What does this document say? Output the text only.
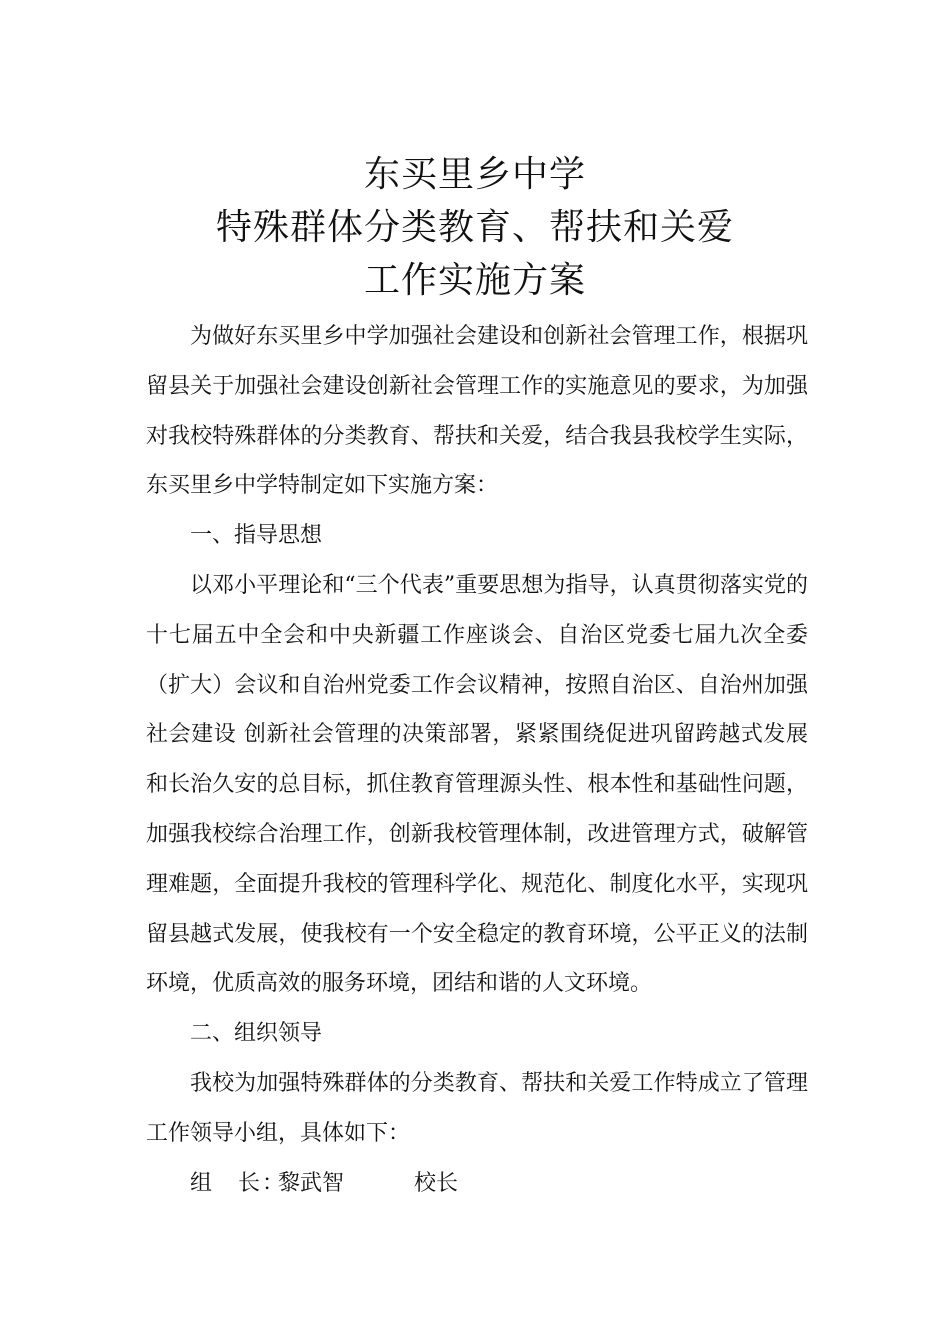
东买里乡中学
特殊群体分类教育、帮扶和关爱
工作实施方案

为做好东买里乡中学加强社会建设和创新社会管理工作，根据巩留县关于加强社会建设创新社会管理工作的实施意见的要求，为加强对我校特殊群体的分类教育、帮扶和关爱，结合我县我校学生实际，东买里乡中学特制定如下实施方案：

一、指导思想

以邓小平理论和“三个代表”重要思想为指导，认真贯彻落实党的十七届五中全会和中央新疆工作座谈会、自治区党委七届九次全委（扩大）会议和自治州党委工作会议精神，按照自治区、自治州加强社会建设 创新社会管理的决策部署，紧紧围绕促进巩留跨越式发展和长治久安的总目标，抓住教育管理源头性、根本性和基础性问题，加强我校综合治理工作，创新我校管理体制，改进管理方式，破解管理难题，全面提升我校的管理科学化、规范化、制度化水平，实现巩留县越式发展，使我校有一个安全稳定的教育环境，公平正义的法制环境，优质高效的服务环境，团结和谐的人文环境。

二、组织领导

我校为加强特殊群体的分类教育、帮扶和关爱工作特成立了管理工作领导小组，具体如下：

组　长：黎武智	校长
